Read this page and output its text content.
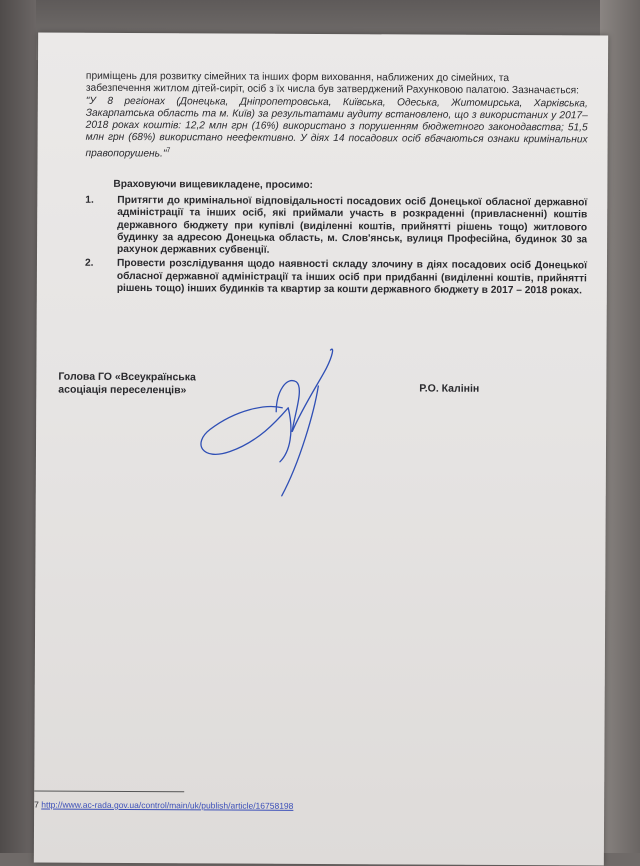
приміщень для розвитку сімейних та інших форм виховання, наближених до сімейних, та
забезпечення житлом дітей-сиріт, осіб з їх числа був затверджений Рахунковою палатою. Зазначається:
"У 8 регіонах (Донецька, Дніпропетровська, Київська, Одеська, Житомирська, Харківська, Закарпатська область та м. Київ) за результатами аудиту встановлено, що з використаних у 2017–2018 роках коштів: 12,2 млн грн (16%) використано з порушенням бюджетного законодавства; 51,5 млн грн (68%) використано неефективно. У діях 14 посадових осіб вбачаються ознаки кримінальних правопорушень."$^7$
Враховуючи вищевикладене, просимо:
1. Притягти до кримінальної відповідальності посадових осіб Донецької обласної державної адміністрації та інших осіб, які приймали участь в розкраденні (привласненні) коштів державного бюджету при купівлі (виділенні коштів, прийнятті рішень тощо) житлового будинку за адресою Донецька область, м. Слов'янськ, вулиця Професійна, будинок 30 за рахунок державних субвенції.
2. Провести розслідування щодо наявності складу злочину в діях посадових осіб Донецької обласної державної адміністрації та інших осіб при придбанні (виділенні коштів, прийнятті рішень тощо) інших будинків та квартир за кошти державного бюджету в 2017 – 2018 роках.
Голова ГО «Всеукраїнська
асоціація переселенців»	Р.О. Калінін
7 http://www.ac-rada.gov.ua/control/main/uk/publish/article/16758198
